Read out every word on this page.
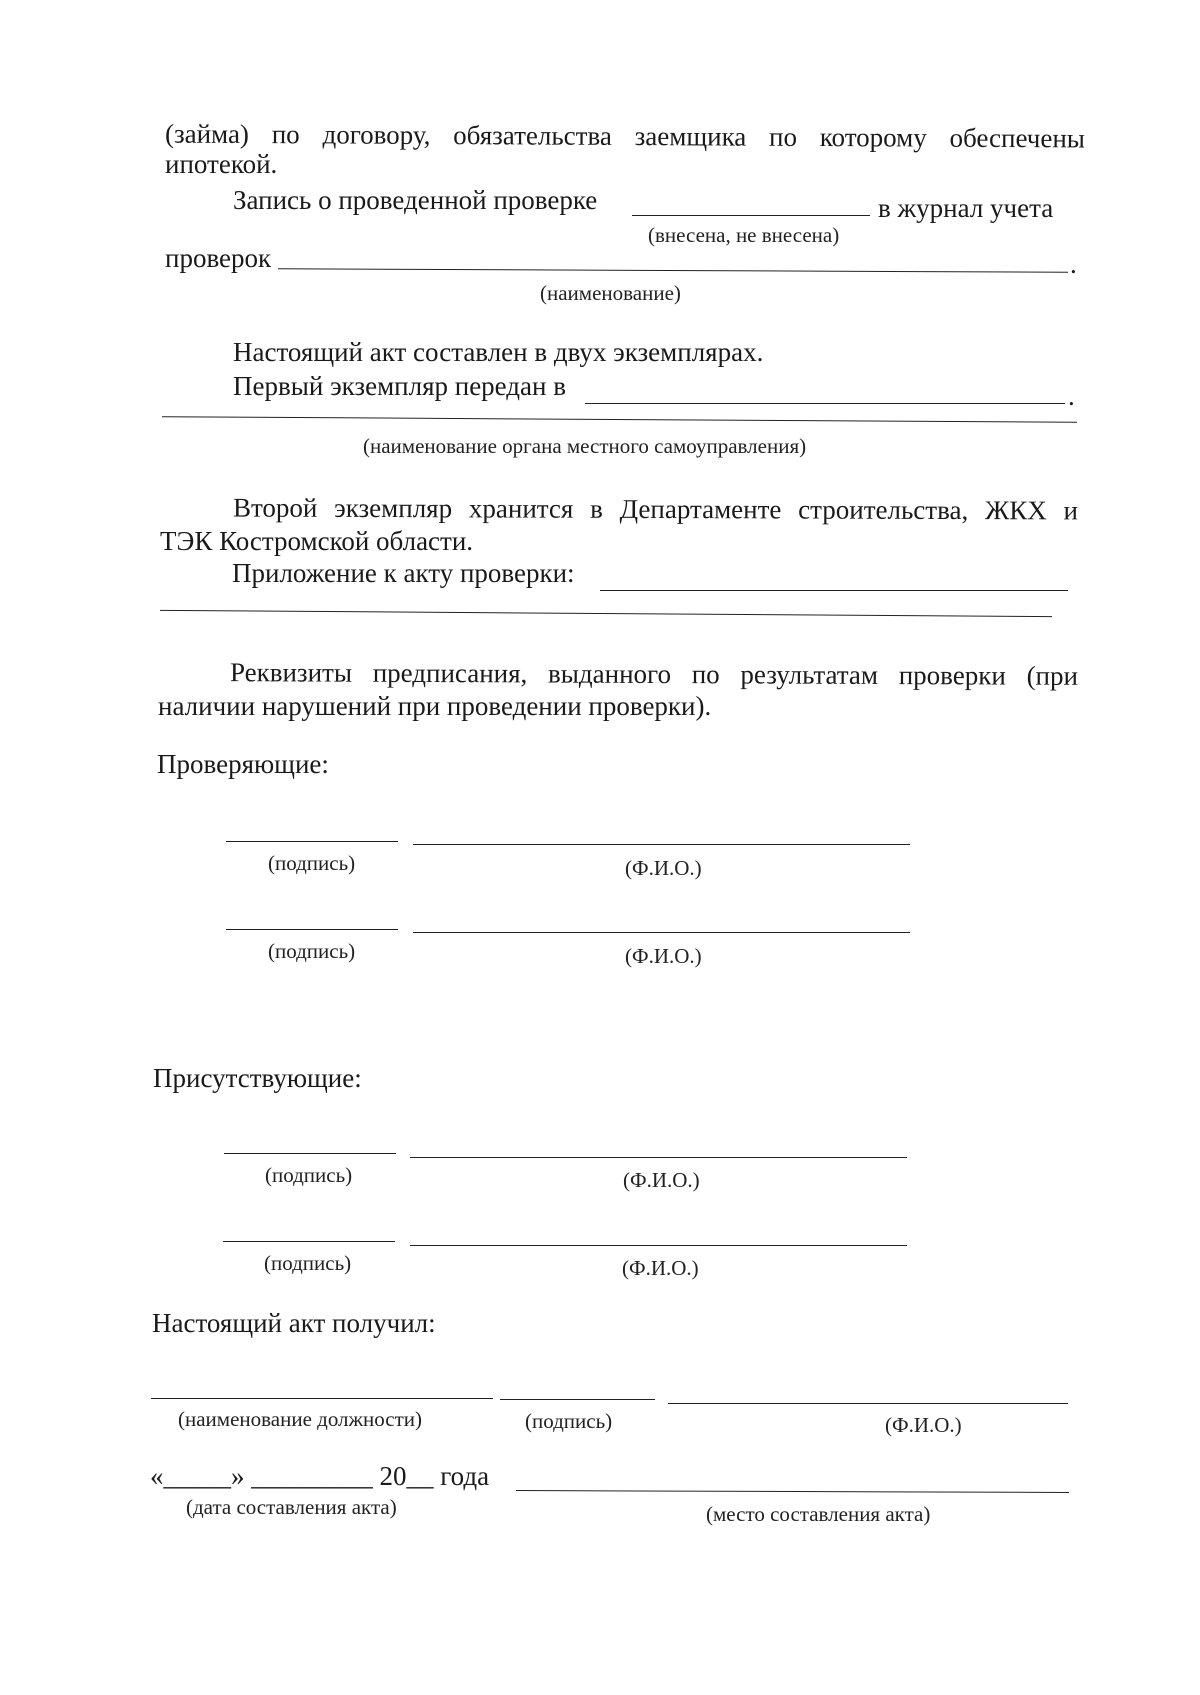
(займа) по договору, обязательства заемщика по которому обеспечены
ипотекой.
Запись о проведенной проверке	в журнал учета
(внесена, не внесена)
проверок	.
(наименование)
Настоящий акт составлен в двух экземплярах.
Первый экземпляр передан в	.
(наименование органа местного самоуправления)
Второй экземпляр хранится в Департаменте строительства, ЖКХ и
ТЭК Костромской области.
Приложение к акту проверки:
Реквизиты предписания, выданного по результатам проверки (при
наличии нарушений при проведении проверки).
Проверяющие:
(подпись)	(Ф.И.О.)
(подпись)	(Ф.И.О.)
Присутствующие:
(подпись)	(Ф.И.О.)
(подпись)	(Ф.И.О.)
Настоящий акт получил:
(наименование должности)	(подпись)	(Ф.И.О.)
«_____» _________ 20__ года
(дата составления акта)	(место составления акта)
